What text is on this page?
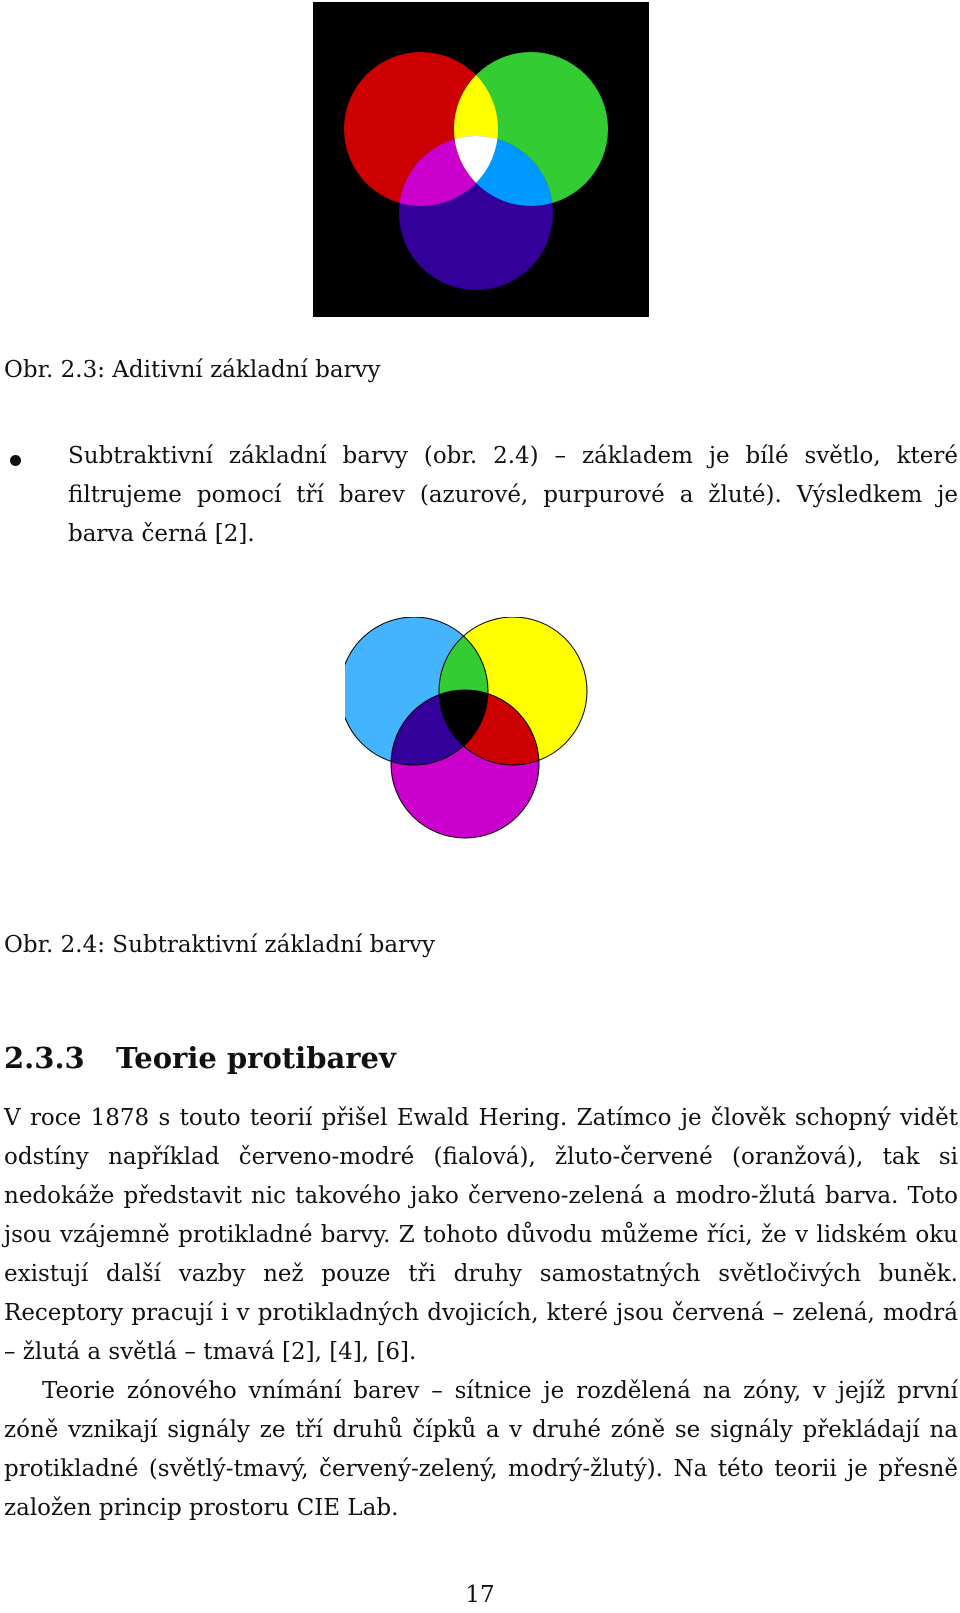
Obr. 2.3: Aditivní základní barvy
Subtraktivní základní barvy (obr. 2.4) – základem je bílé světlo, které filtrujeme pomocí tří barev (azurové, purpurové a žluté). Výsledkem je barva černá [2].
Obr. 2.4: Subtraktivní základní barvy
2.3.3 Teorie protibarev

V roce 1878 s touto teorií přišel Ewald Hering. Zatímco je člověk schopný vidět odstíny například červeno-modré (fialová), žluto-červené (oranžová), tak si nedokáže představit nic takového jako červeno-zelená a modro-žlutá barva. Toto jsou vzájemně protikladné barvy. Z tohoto důvodu můžeme říci, že v lidském oku existují další vazby než pouze tři druhy samostatných světločivých buněk. Receptory pracují i v protikladných dvojicích, které jsou červená – zelená, modrá – žlutá a světlá – tmavá [2], [4], [6].

Teorie zónového vnímání barev – sítnice je rozdělená na zóny, v jejíž první zóně vznikají signály ze tří druhů čípků a v druhé zóně se signály překládají na protikladné (světlý-tmavý, červený-zelený, modrý-žlutý). Na této teorii je přesně založen princip prostoru CIE Lab.

17
